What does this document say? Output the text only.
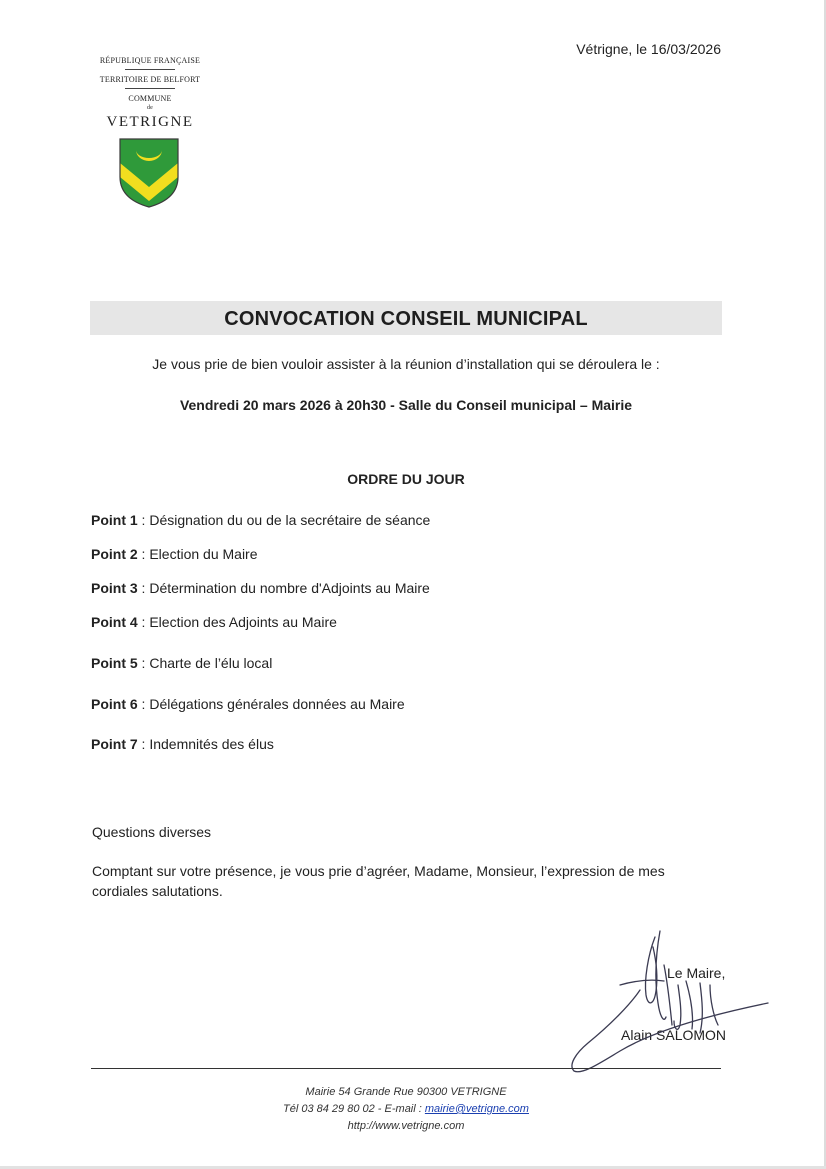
RÉPUBLIQUE FRANÇAISE
TERRITOIRE DE BELFORT
COMMUNE
de
VETRIGNE
Vétrigne, le 16/03/2026
CONVOCATION CONSEIL MUNICIPAL
Je vous prie de bien vouloir assister à la réunion d’installation qui se déroulera le :
Vendredi 20 mars 2026 à 20h30 - Salle du Conseil municipal – Mairie
ORDRE DU JOUR
Point 1 : Désignation du ou de la secrétaire de séance
Point 2 : Election du Maire
Point 3 : Détermination du nombre d'Adjoints au Maire
Point 4 : Election des Adjoints au Maire
Point 5 : Charte de l’élu local
Point 6 : Délégations générales données au Maire
Point 7 : Indemnités des élus
Questions diverses
Comptant sur votre présence, je vous prie d’agréer, Madame, Monsieur, l’expression de mes
cordiales salutations.
Le Maire,
Alain SALOMON
Mairie 54 Grande Rue 90300 VETRIGNE
Tél 03 84 29 80 02 - E-mail : mairie@vetrigne.com
http://www.vetrigne.com
